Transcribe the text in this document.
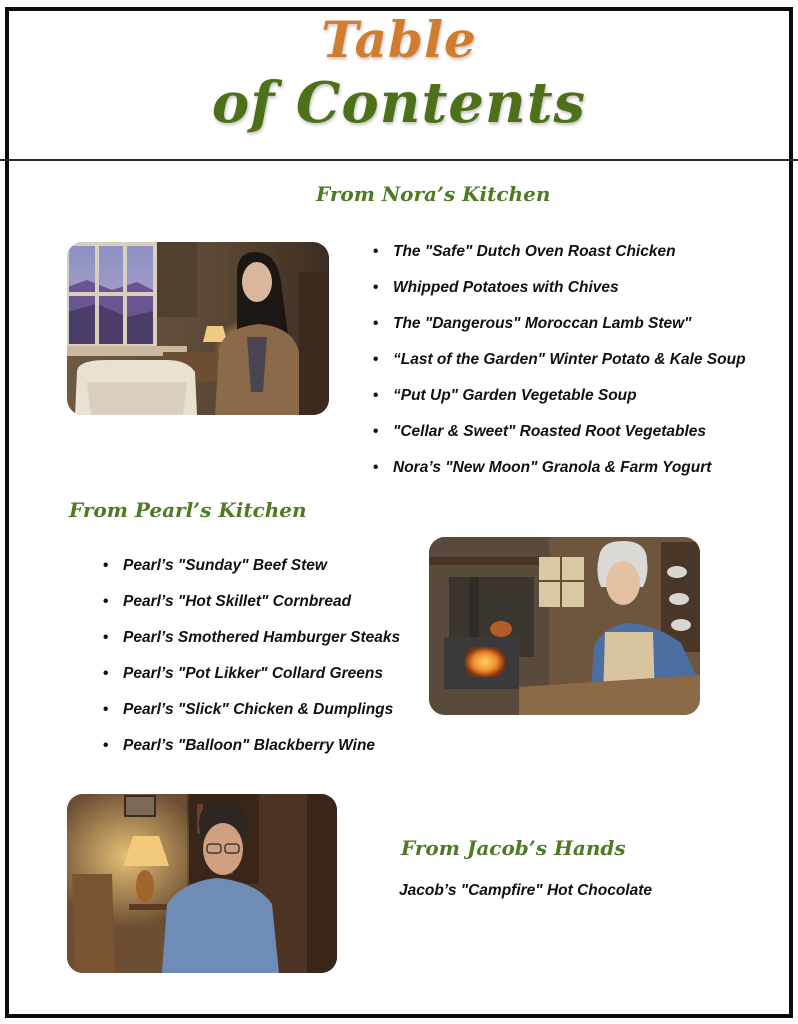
Table
of Contents
From Nora’s Kitchen
• The "Safe" Dutch Oven Roast Chicken
• Whipped Potatoes with Chives
• The "Dangerous" Moroccan Lamb Stew"
• “Last of the Garden" Winter Potato & Kale Soup
• “Put Up" Garden Vegetable Soup
• "Cellar & Sweet" Roasted Root Vegetables
• Nora’s "New Moon" Granola & Farm Yogurt
From Pearl’s Kitchen
• Pearl’s "Sunday" Beef Stew
• Pearl’s "Hot Skillet" Cornbread
• Pearl’s Smothered Hamburger Steaks
• Pearl’s "Pot Likker" Collard Greens
• Pearl’s "Slick" Chicken & Dumplings
• Pearl’s "Balloon" Blackberry Wine
From Jacob’s Hands
Jacob’s "Campfire" Hot Chocolate
